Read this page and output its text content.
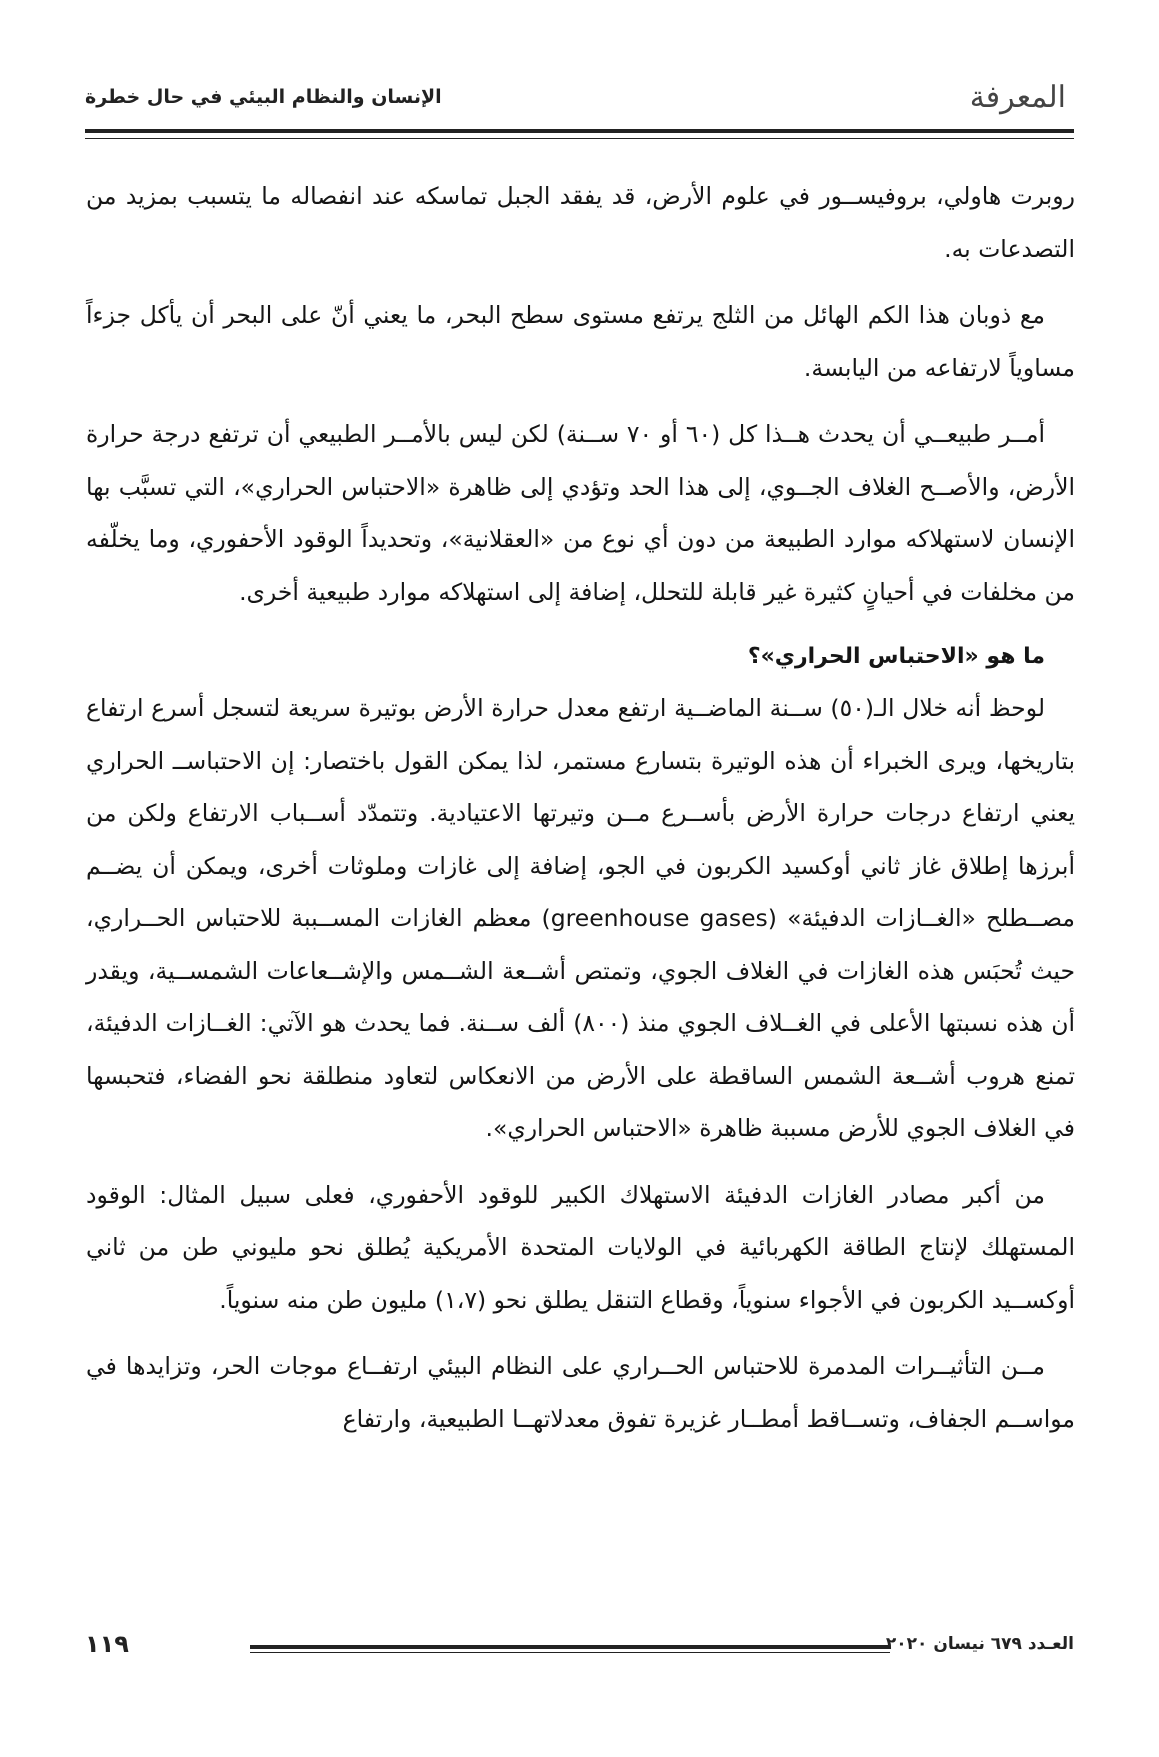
المعرفة
الإنسان والنظام البيئي في حال خطرة

روبرت هاولي، بروفيســور في علوم الأرض، قد يفقد الجبل تماسكه عند انفصاله ما يتسبب بمزيد من التصدعات به.

مع ذوبان هذا الكم الهائل من الثلج يرتفع مستوى سطح البحر، ما يعني أنّ على البحر أن يأكل جزءاً مساوياً لارتفاعه من اليابسة.

أمــر طبيعــي أن يحدث هــذا كل (٦٠ أو ٧٠ ســنة) لكن ليس بالأمــر الطبيعي أن ترتفع درجة حرارة الأرض، والأصــح الغلاف الجــوي، إلى هذا الحد وتؤدي إلى ظاهرة «الاحتباس الحراري»، التي تسبَّب بها الإنسان لاستهلاكه موارد الطبيعة من دون أي نوع من «العقلانية»، وتحديداً الوقود الأحفوري، وما يخلّفه من مخلفات في أحيانٍ كثيرة غير قابلة للتحلل، إضافة إلى استهلاكه موارد طبيعية أخرى.

ما هو «الاحتباس الحراري»؟

لوحظ أنه خلال الـ(٥٠) ســنة الماضــية ارتفع معدل حرارة الأرض بوتيرة سريعة لتسجل أسرع ارتفاع بتاريخها، ويرى الخبراء أن هذه الوتيرة بتسارع مستمر، لذا يمكن القول باختصار: إن الاحتباســ الحراري يعني ارتفاع درجات حرارة الأرض بأســرع مــن وتيرتها الاعتيادية. وتتمدّد أســباب الارتفاع ولكن من أبرزها إطلاق غاز ثاني أوكسيد الكربون في الجو، إضافة إلى غازات وملوثات أخرى، ويمكن أن يضــم مصــطلح «الغــازات الدفيئة» (greenhouse gases) معظم الغازات المســببة للاحتباس الحــراري، حيث تُحبَس هذه الغازات في الغلاف الجوي، وتمتص أشــعة الشــمس والإشــعاعات الشمســية، ويقدر أن هذه نسبتها الأعلى في الغــلاف الجوي منذ (٨٠٠) ألف ســنة. فما يحدث هو الآتي: الغــازات الدفيئة، تمنع هروب أشــعة الشمس الساقطة على الأرض من الانعكاس لتعاود منطلقة نحو الفضاء، فتحبسها في الغلاف الجوي للأرض مسببة ظاهرة «الاحتباس الحراري».

من أكبر مصادر الغازات الدفيئة الاستهلاك الكبير للوقود الأحفوري، فعلى سبيل المثال: الوقود المستهلك لإنتاج الطاقة الكهربائية في الولايات المتحدة الأمريكية يُطلق نحو مليوني طن من ثاني أوكســيد الكربون في الأجواء سنوياً، وقطاع التنقل يطلق نحو (١،٧) مليون طن منه سنوياً.

مــن التأثيــرات المدمرة للاحتباس الحــراري على النظام البيئي ارتفــاع موجات الحر، وتزايدها في مواســم الجفاف، وتســاقط أمطــار غزيرة تفوق معدلاتهــا الطبيعية، وارتفاع

١١٩	العـدد ٦٧٩ نيسان ٢٠٢٠
